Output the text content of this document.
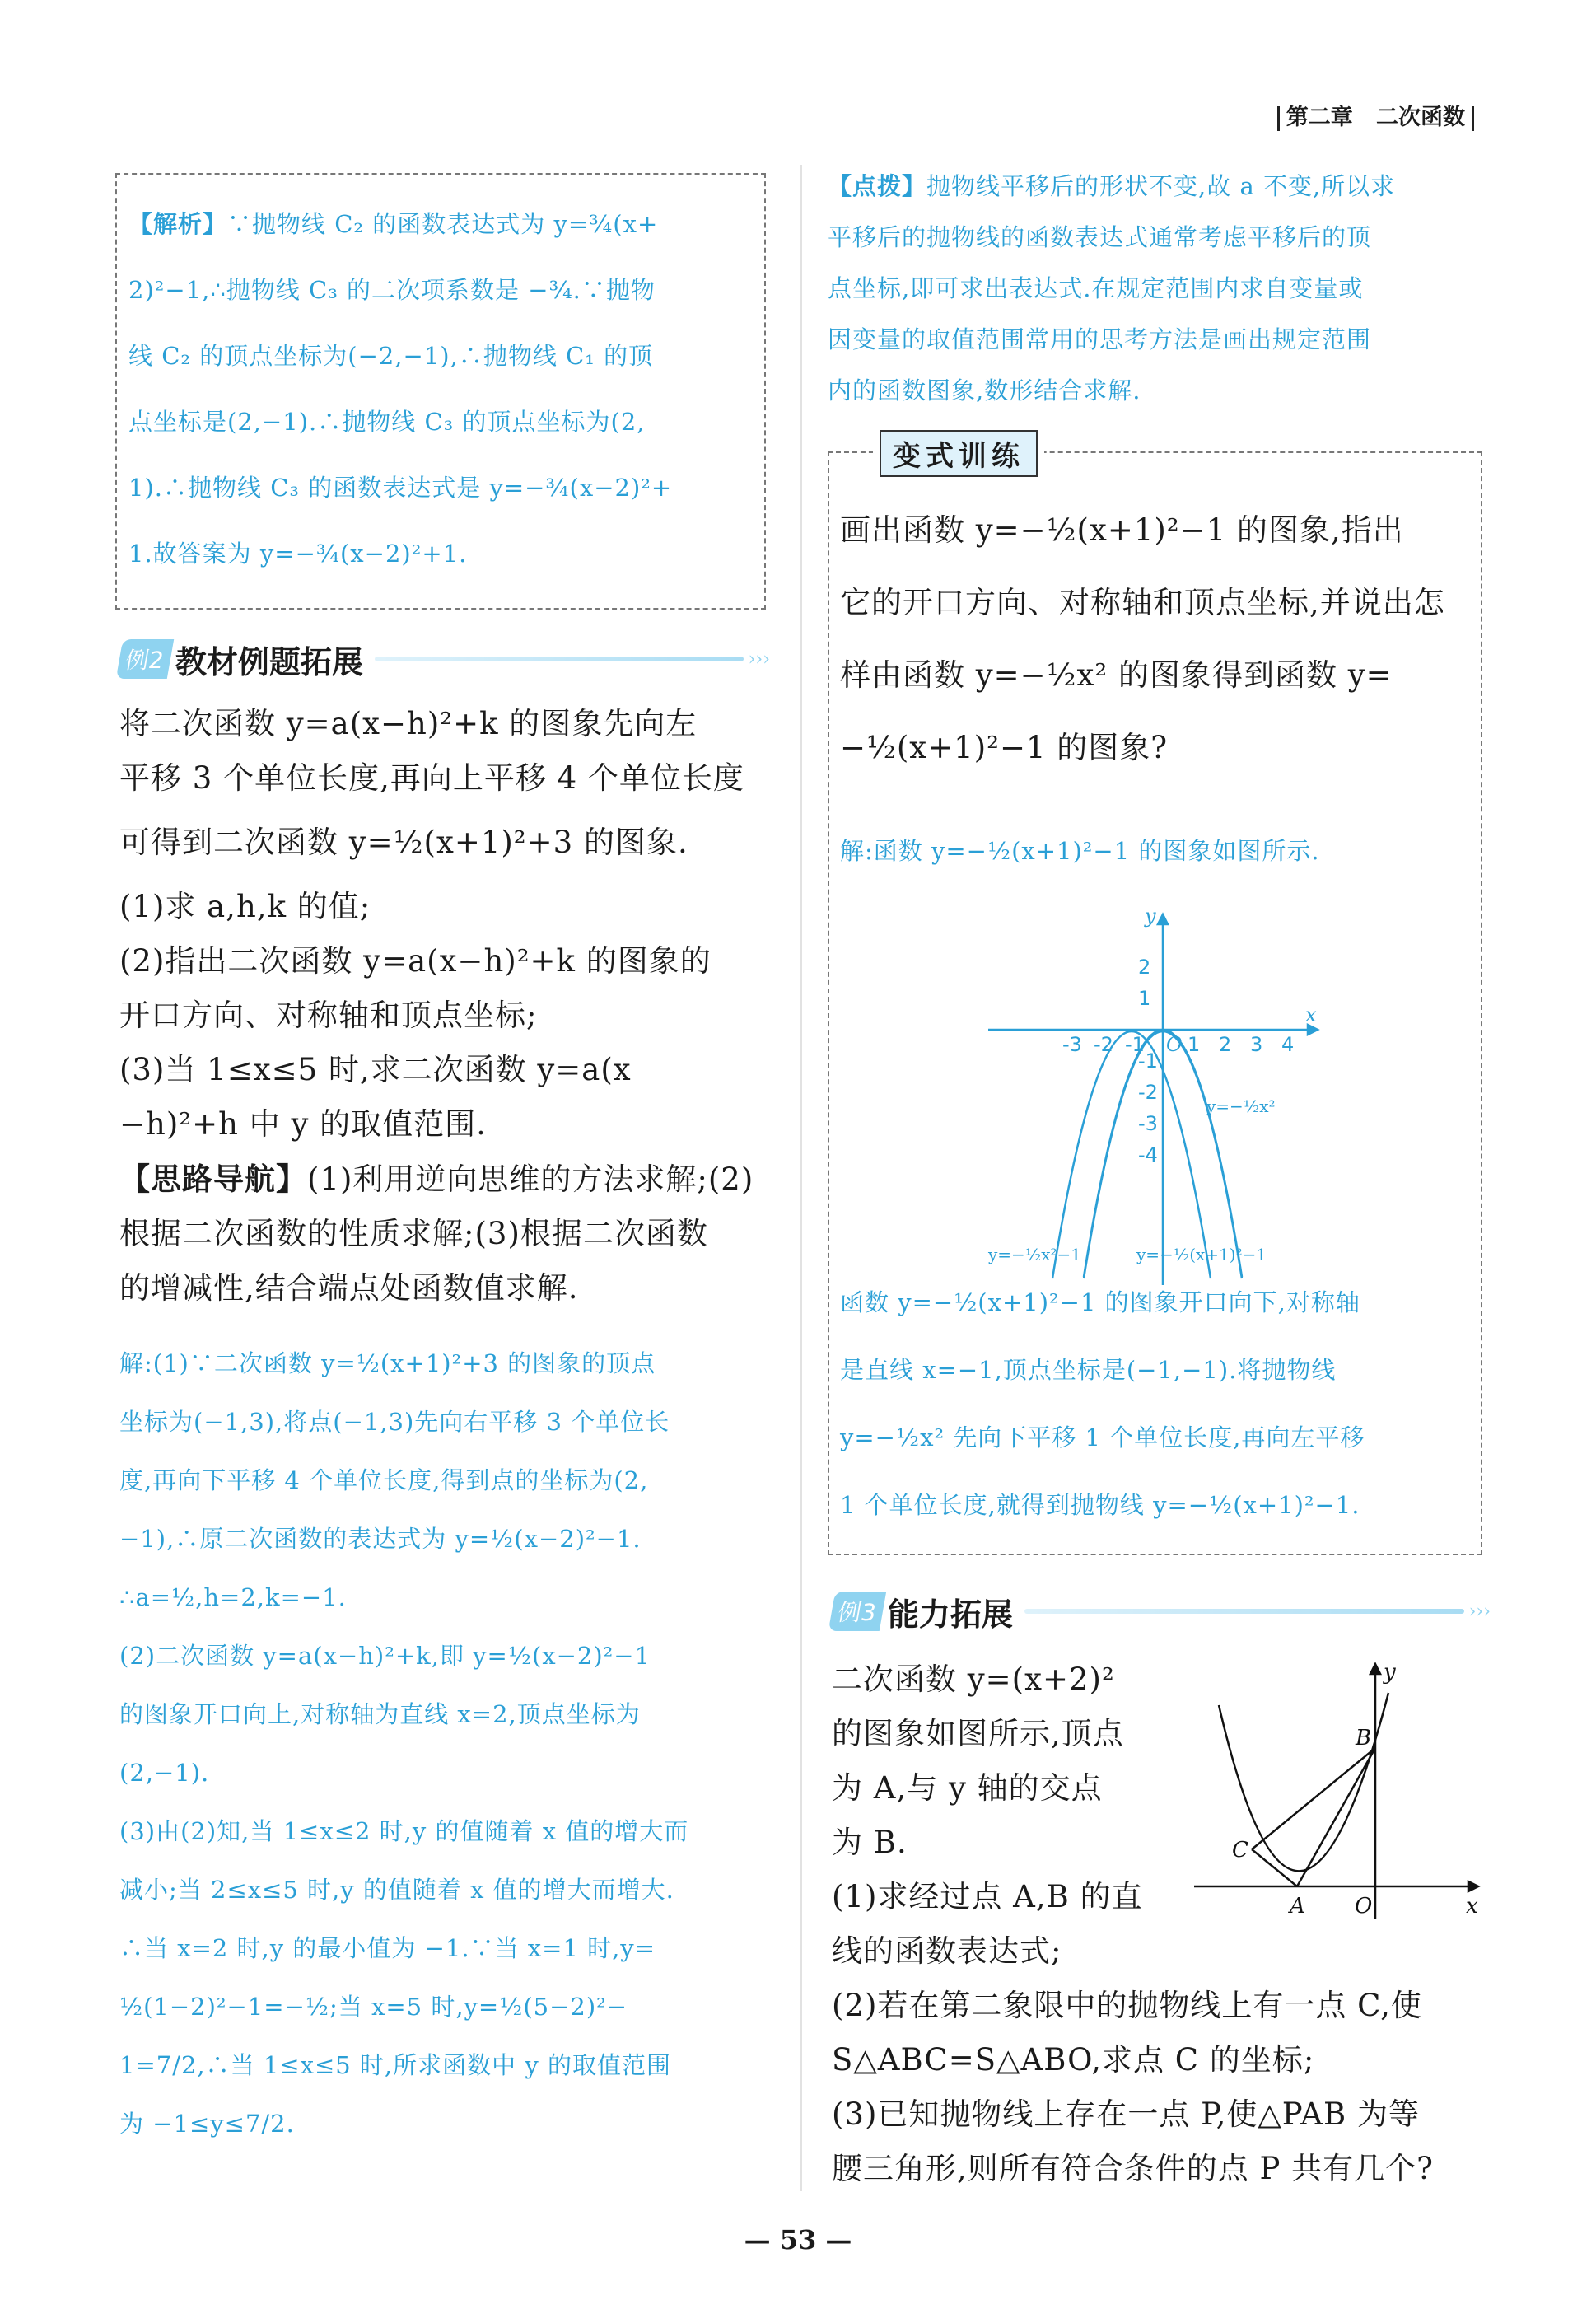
第二章 二次函数
【解析】∵抛物线 C₂ 的函数表达式为 y=¾(x+
2)²−1,∴抛物线 C₃ 的二次项系数是 −¾.∵抛物
线 C₂ 的顶点坐标为(−2,−1),∴抛物线 C₁ 的顶
点坐标是(2,−1).∴抛物线 C₃ 的顶点坐标为(2,
1).∴抛物线 C₃ 的函数表达式是 y=−¾(x−2)²+
1.故答案为 y=−¾(x−2)²+1.
例2 教材例题拓展	›››
将二次函数 y=a(x−h)²+k 的图象先向左
平移 3 个单位长度,再向上平移 4 个单位长度
可得到二次函数 y=½(x+1)²+3 的图象.
(1)求 a,h,k 的值;
(2)指出二次函数 y=a(x−h)²+k 的图象的
开口方向、对称轴和顶点坐标;
(3)当 1≤x≤5 时,求二次函数 y=a(x
−h)²+h 中 y 的取值范围.
【思路导航】(1)利用逆向思维的方法求解;(2)
根据二次函数的性质求解;(3)根据二次函数
的增减性,结合端点处函数值求解.
解:(1)∵二次函数 y=½(x+1)²+3 的图象的顶点
坐标为(−1,3),将点(−1,3)先向右平移 3 个单位长
度,再向下平移 4 个单位长度,得到点的坐标为(2,
−1),∴原二次函数的表达式为 y=½(x−2)²−1.
∴a=½,h=2,k=−1.
(2)二次函数 y=a(x−h)²+k,即 y=½(x−2)²−1
的图象开口向上,对称轴为直线 x=2,顶点坐标为
(2,−1).
(3)由(2)知,当 1≤x≤2 时,y 的值随着 x 值的增大而
减小;当 2≤x≤5 时,y 的值随着 x 值的增大而增大.
∴当 x=2 时,y 的最小值为 −1.∵当 x=1 时,y=
½(1−2)²−1=−½;当 x=5 时,y=½(5−2)²−
1=7/2,∴当 1≤x≤5 时,所求函数中 y 的取值范围
为 −1≤y≤7/2.
【点拨】抛物线平移后的形状不变,故 a 不变,所以求
平移后的抛物线的函数表达式通常考虑平移后的顶
点坐标,即可求出表达式.在规定范围内求自变量或
因变量的取值范围常用的思考方法是画出规定范围
内的函数图象,数形结合求解.
变式训练
画出函数 y=−½(x+1)²−1 的图象,指出
它的开口方向、对称轴和顶点坐标,并说出怎
样由函数 y=−½x² 的图象得到函数 y=
−½(x+1)²−1 的图象?
解:函数 y=−½(x+1)²−1 的图象如图所示.
x
y
O
-3 -2 -1 1 2 3 4
2
1
-1
-2
-3
-4
y=−½x²
y=−½x²−1	y=−½(x+1)²−1
函数 y=−½(x+1)²−1 的图象开口向下,对称轴
是直线 x=−1,顶点坐标是(−1,−1).将抛物线
y=−½x² 先向下平移 1 个单位长度,再向左平移
1 个单位长度,就得到抛物线 y=−½(x+1)²−1.
例3 能力拓展	›››
二次函数 y=(x+2)²
的图象如图所示,顶点
为 A,与 y 轴的交点
为 B.
(1)求经过点 A,B 的直
线的函数表达式;
(2)若在第二象限中的抛物线上有一点 C,使
S△ABC=S△ABO,求点 C 的坐标;
(3)已知抛物线上存在一点 P,使△PAB 为等
腰三角形,则所有符合条件的点 P 共有几个?
x
y
A
B
C
O
— 53 —
